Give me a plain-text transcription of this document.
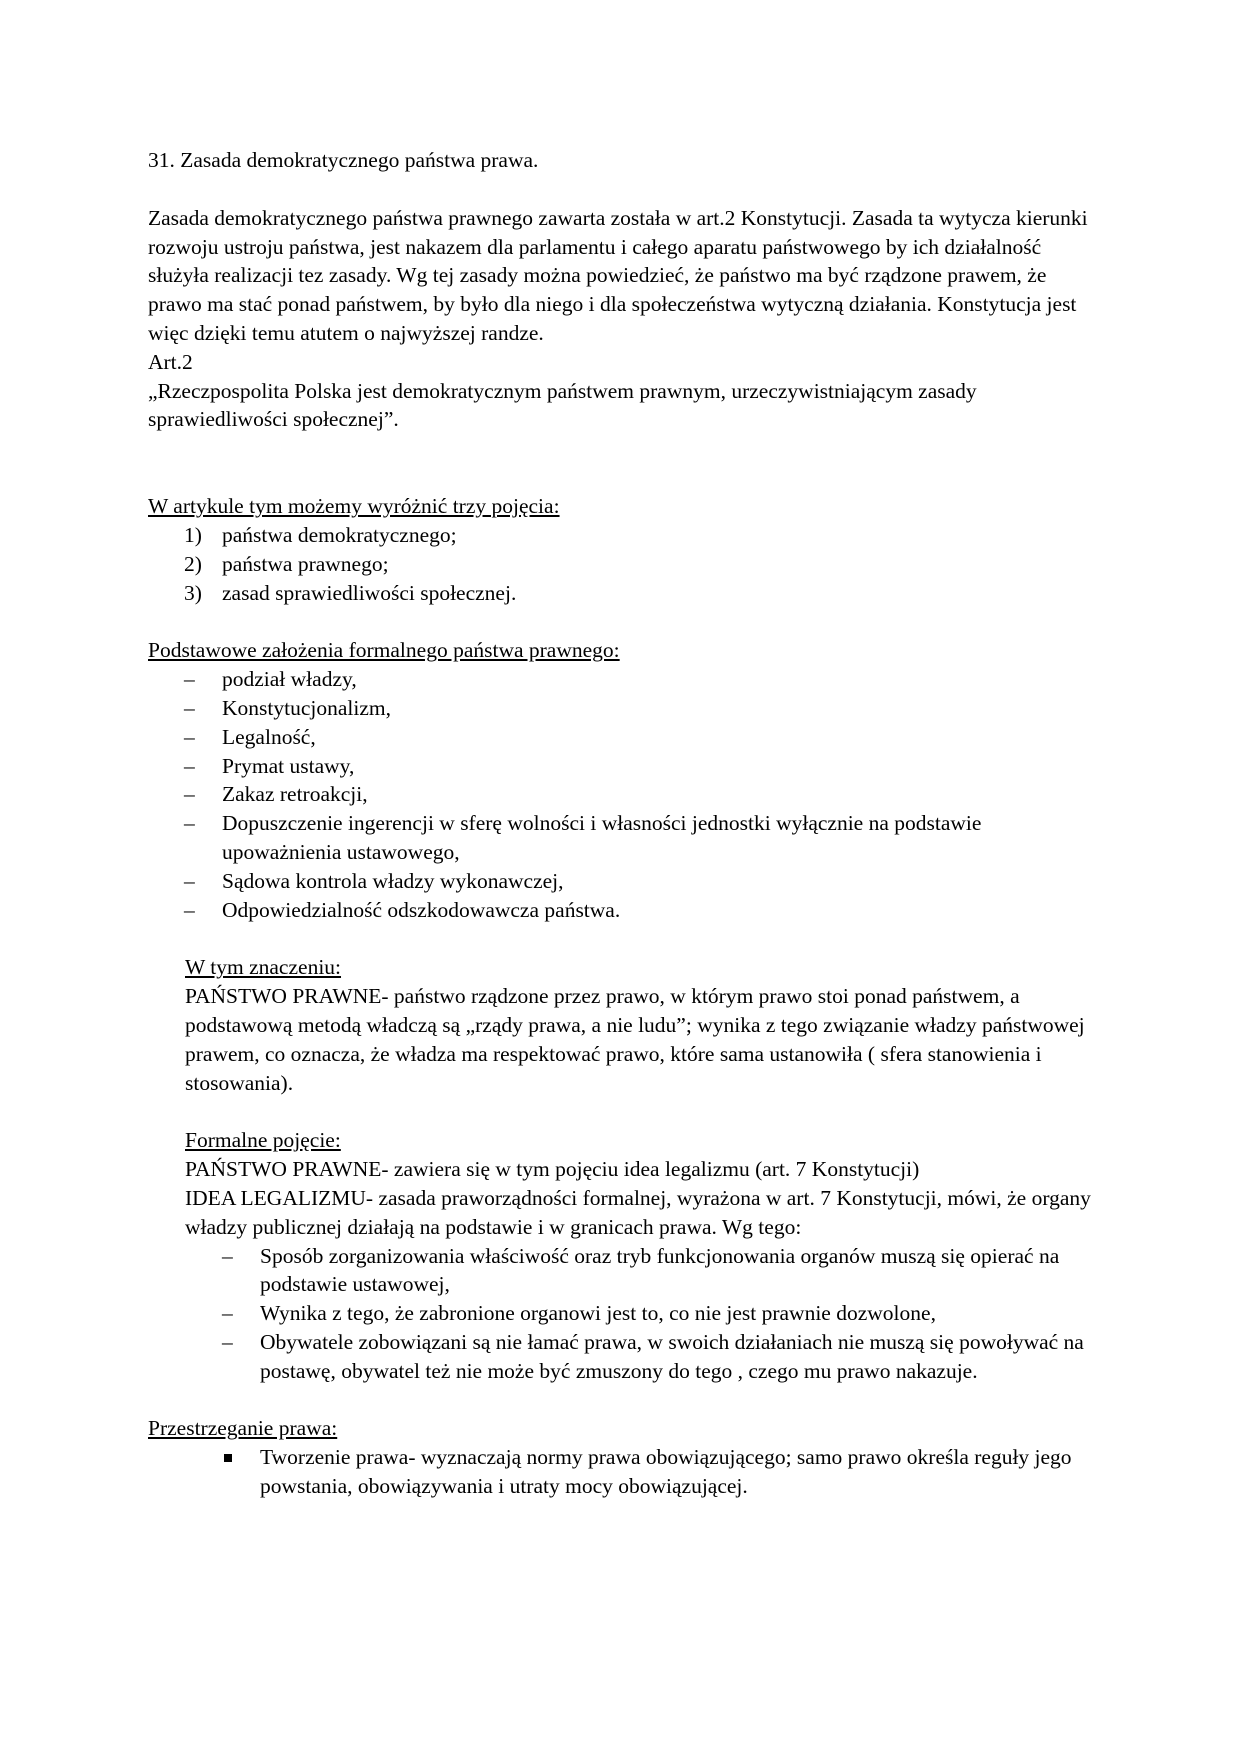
31. Zasada demokratycznego państwa prawa.

Zasada demokratycznego państwa prawnego zawarta została w art.2 Konstytucji. Zasada ta wytycza kierunki rozwoju ustroju państwa, jest nakazem dla parlamentu i całego aparatu państwowego by ich działalność służyła realizacji tez zasady. Wg tej zasady można powiedzieć, że państwo ma być rządzone prawem, że prawo ma stać ponad państwem, by było dla niego i dla społeczeństwa wytyczną działania. Konstytucja jest więc dzięki temu atutem o najwyższej randze.

Art.2

„Rzeczpospolita Polska jest demokratycznym państwem prawnym, urzeczywistniającym zasady sprawiedliwości społecznej”.

W artykule tym możemy wyróżnić trzy pojęcia:

1) państwa demokratycznego;
2) państwa prawnego;
3) zasad sprawiedliwości społecznej.

Podstawowe założenia formalnego państwa prawnego:

– podział władzy,
– Konstytucjonalizm,
– Legalność,
– Prymat ustawy,
– Zakaz retroakcji,
– Dopuszczenie ingerencji w sferę wolności i własności jednostki wyłącznie na podstawie upoważnienia ustawowego,
– Sądowa kontrola władzy wykonawczej,
– Odpowiedzialność odszkodowawcza państwa.

W tym znaczeniu:

PAŃSTWO PRAWNE- państwo rządzone przez prawo, w którym prawo stoi ponad państwem, a podstawową metodą władczą są „rządy prawa, a nie ludu”; wynika z tego związanie władzy państwowej prawem, co oznacza, że władza ma respektować prawo, które sama ustanowiła ( sfera stanowienia i stosowania).

Formalne pojęcie:

PAŃSTWO PRAWNE- zawiera się w tym pojęciu idea legalizmu (art. 7 Konstytucji)

IDEA LEGALIZMU- zasada praworządności formalnej, wyrażona w art. 7 Konstytucji, mówi, że organy władzy publicznej działają na podstawie i w granicach prawa. Wg tego:

– Sposób zorganizowania właściwość oraz tryb funkcjonowania organów muszą się opierać na podstawie ustawowej,
– Wynika z tego, że zabronione organowi jest to, co nie jest prawnie dozwolone,
– Obywatele zobowiązani są nie łamać prawa, w swoich działaniach nie muszą się powoływać na postawę, obywatel też nie może być zmuszony do tego , czego mu prawo nakazuje.

Przestrzeganie prawa:

Tworzenie prawa- wyznaczają normy prawa obowiązującego; samo prawo określa reguły jego powstania, obowiązywania i utraty mocy obowiązującej.
